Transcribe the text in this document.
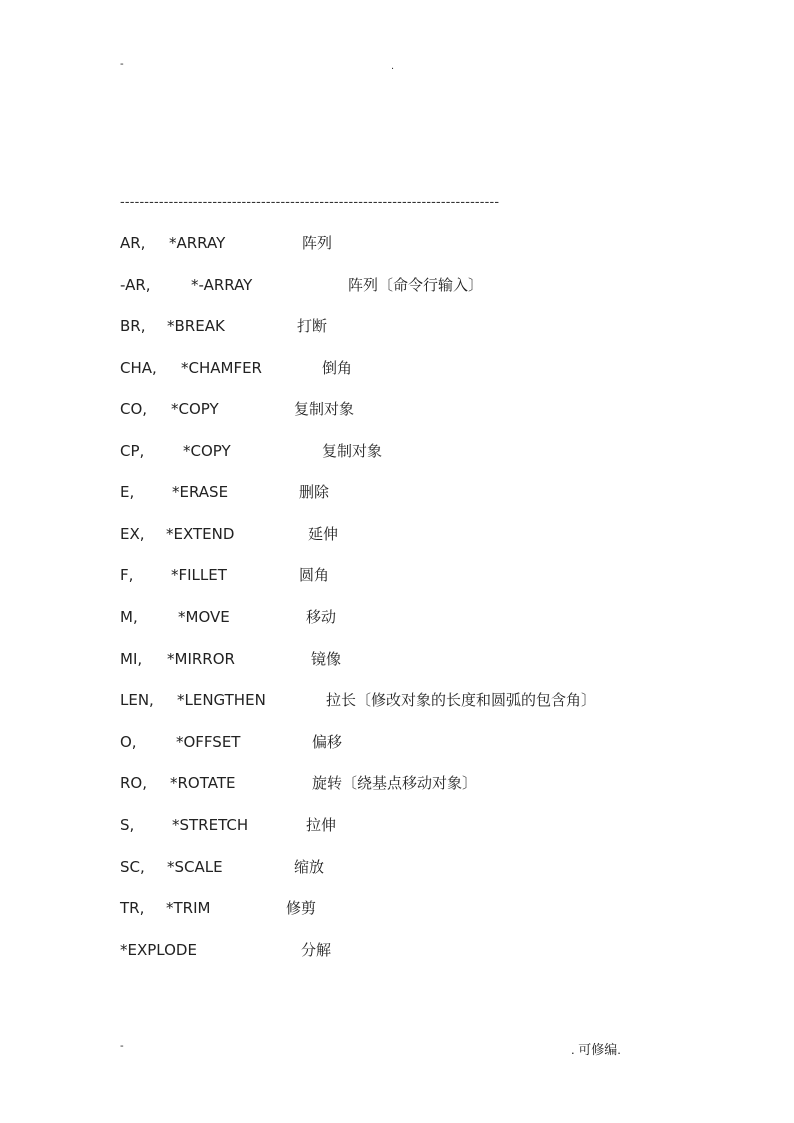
-	.
------------------------------------------------------------------------------
AR, *ARRAY	阵列
-AR,	*-ARRAY	阵列〔命令行输入〕
BR, *BREAK	打断
CHA, *CHAMFER	倒角
CO, *COPY	复制对象
CP,	*COPY	复制对象
E,	*ERASE	删除
EX, *EXTEND	延伸
F,	*FILLET	圆角
M,	*MOVE	移动
MI, *MIRROR	镜像
LEN, *LENGTHEN	拉长〔修改对象的长度和圆弧的包含角〕
O,	*OFFSET	偏移
RO, *ROTATE	旋转〔绕基点移动对象〕
S,	*STRETCH	拉伸
SC, *SCALE	缩放
TR, *TRIM	修剪
*EXPLODE	分解
-	. 可修编.
